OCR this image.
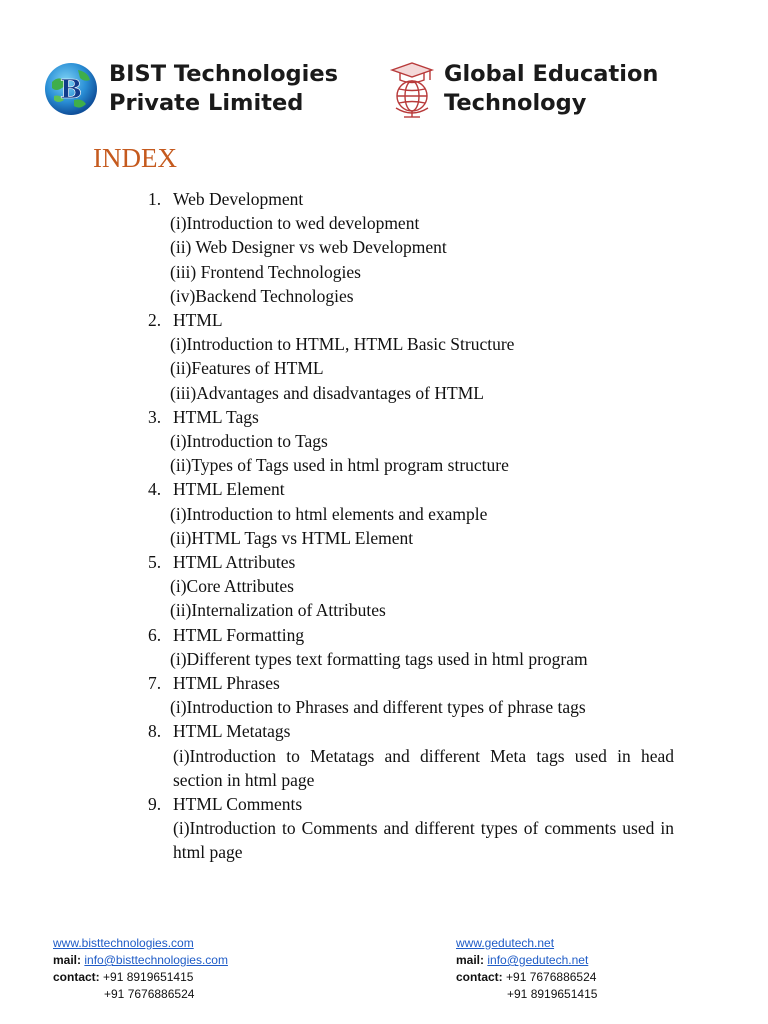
B
BIST Technologies
Private Limited
Global Education
Technology
INDEX
1. Web Development
(i)Introduction to wed development
(ii) Web Designer vs web Development
(iii) Frontend Technologies
(iv)Backend Technologies
2. HTML
(i)Introduction to HTML, HTML Basic Structure
(ii)Features of HTML
(iii)Advantages and disadvantages of HTML
3. HTML Tags
(i)Introduction to Tags
(ii)Types of Tags used in html program structure
4. HTML Element
(i)Introduction to html elements and example
(ii)HTML Tags vs HTML Element
5. HTML Attributes
(i)Core Attributes
(ii)Internalization of Attributes
6. HTML Formatting
(i)Different types text formatting tags used in html program
7. HTML Phrases
(i)Introduction to Phrases and different types of phrase tags
8. HTML Metatags
(i)Introduction to Metatags and different Meta tags used in head section in html page
9. HTML Comments
(i)Introduction to Comments and different types of comments used in html page
www.bisttechnologies.com
mail: info@bisttechnologies.com
contact: +91 8919651415
+91 7676886524
www.gedutech.net
mail: info@gedutech.net
contact: +91 7676886524
+91 8919651415
